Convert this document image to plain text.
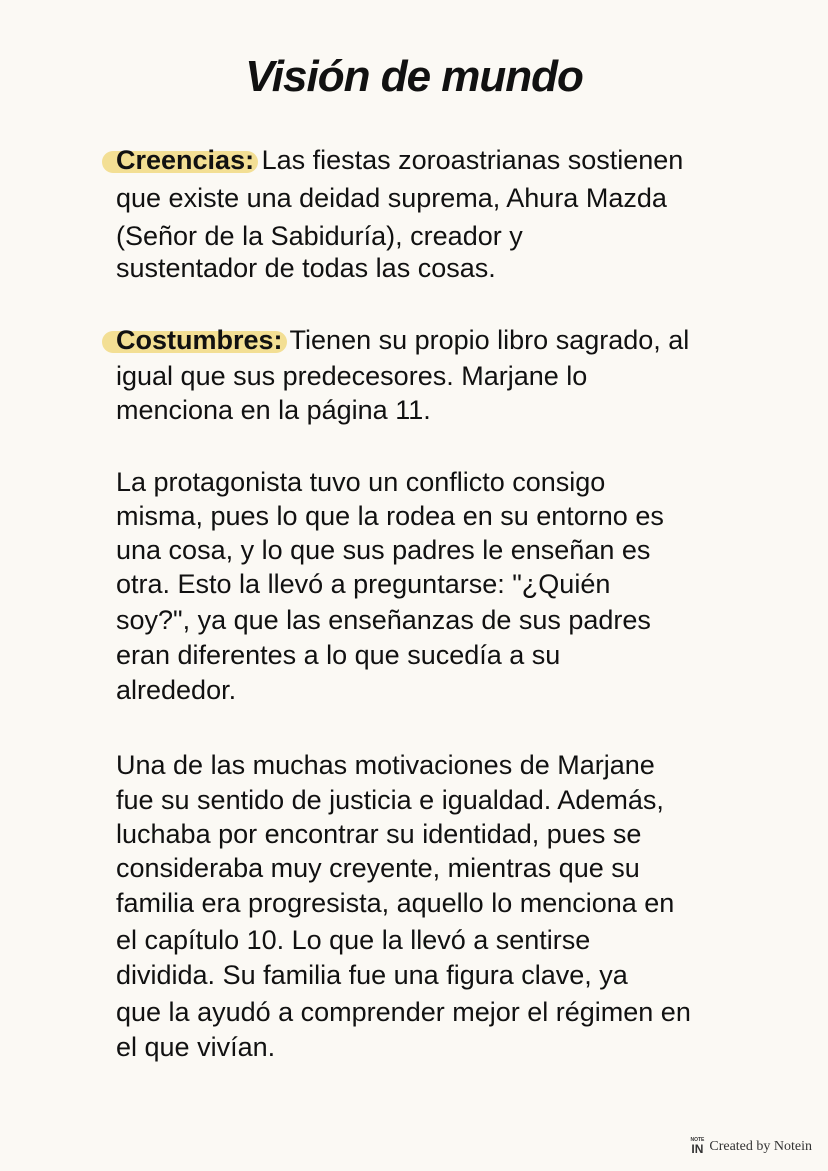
Visión de mundo
Creencias: Las fiestas zoroastrianas sostienen
que existe una deidad suprema, Ahura Mazda
(Señor de la Sabiduría), creador y
sustentador de todas las cosas.
Costumbres: Tienen su propio libro sagrado, al
igual que sus predecesores. Marjane lo
menciona en la página 11.
La protagonista tuvo un conflicto consigo
misma, pues lo que la rodea en su entorno es
una cosa, y lo que sus padres le enseñan es
otra. Esto la llevó a preguntarse: "¿Quién
soy?", ya que las enseñanzas de sus padres
eran diferentes a lo que sucedía a su
alrededor.
Una de las muchas motivaciones de Marjane
fue su sentido de justicia e igualdad. Además,
luchaba por encontrar su identidad, pues se
consideraba muy creyente, mientras que su
familia era progresista, aquello lo menciona en
el capítulo 10. Lo que la llevó a sentirse
dividida. Su familia fue una figura clave, ya
que la ayudó a comprender mejor el régimen en
el que vivían.
NOTE
IN Created by Notein
